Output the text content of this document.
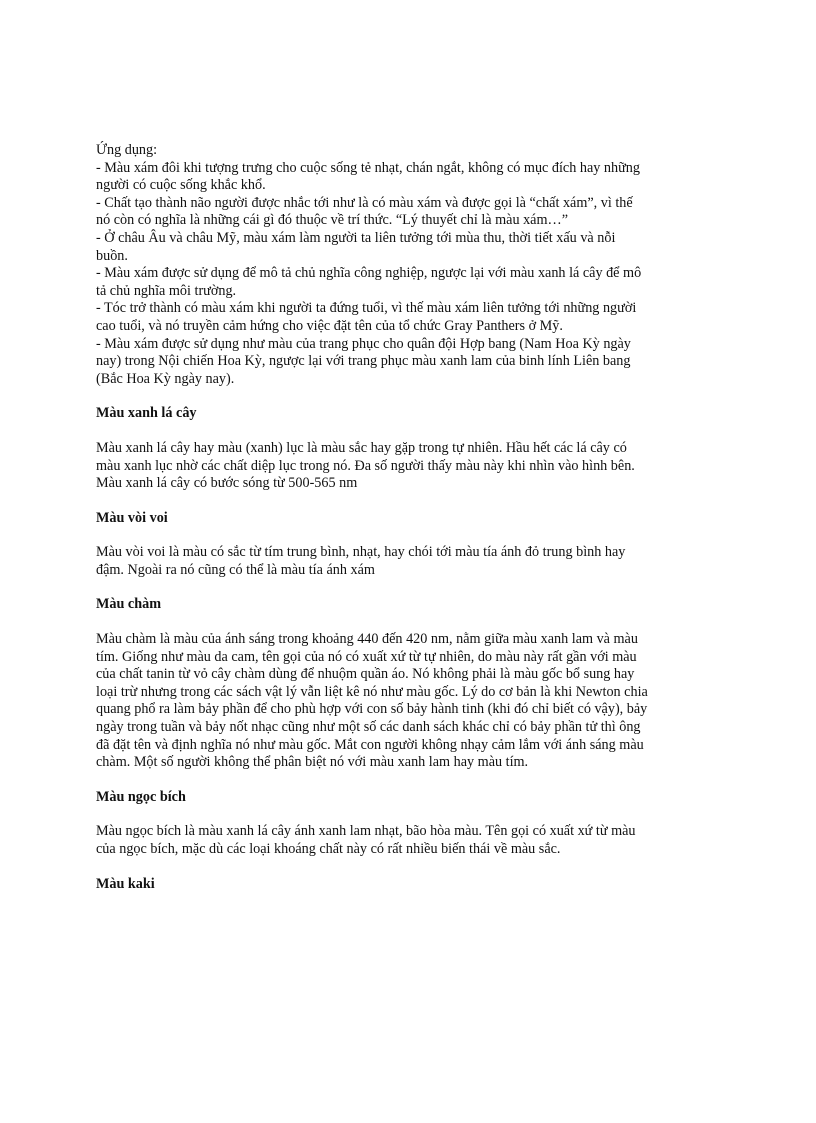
Ứng dụng:

- Màu xám đôi khi tượng trưng cho cuộc sống tẻ nhạt, chán ngắt, không có mục đích hay những

người có cuộc sống khắc khổ.

- Chất tạo thành não người được nhắc tới như là có màu xám và được gọi là “chất xám”, vì thế

nó còn có nghĩa là những cái gì đó thuộc về trí thức. “Lý thuyết chỉ là màu xám…”

- Ở châu Âu và châu Mỹ, màu xám làm người ta liên tưởng tới mùa thu, thời tiết xấu và nỗi

buồn.

- Màu xám được sử dụng để mô tả chủ nghĩa công nghiệp, ngược lại với màu xanh lá cây để mô

tả chủ nghĩa môi trường.

- Tóc trở thành có màu xám khi người ta đứng tuổi, vì thế màu xám liên tưởng tới những người

cao tuổi, và nó truyền cảm hứng cho việc đặt tên của tổ chức Gray Panthers ở Mỹ.

- Màu xám được sử dụng như màu của trang phục cho quân đội Hợp bang (Nam Hoa Kỳ ngày

nay) trong Nội chiến Hoa Kỳ, ngược lại với trang phục màu xanh lam của binh lính Liên bang

(Bắc Hoa Kỳ ngày nay).

Màu xanh lá cây

Màu xanh lá cây hay màu (xanh) lục là màu sắc hay gặp trong tự nhiên. Hầu hết các lá cây có

màu xanh lục nhờ các chất diệp lục trong nó. Đa số người thấy màu này khi nhìn vào hình bên.

Màu xanh lá cây có bước sóng từ 500-565 nm

Màu vòi voi

Màu vòi voi là màu có sắc từ tím trung bình, nhạt, hay chói tới màu tía ánh đỏ trung bình hay

đậm. Ngoài ra nó cũng có thể là màu tía ánh xám

Màu chàm

Màu chàm là màu của ánh sáng trong khoảng 440 đến 420 nm, nằm giữa màu xanh lam và màu

tím. Giống như màu da cam, tên gọi của nó có xuất xứ từ tự nhiên, do màu này rất gần với màu

của chất tanin từ vỏ cây chàm dùng để nhuộm quần áo. Nó không phải là màu gốc bổ sung hay

loại trừ nhưng trong các sách vật lý vẫn liệt kê nó như màu gốc. Lý do cơ bản là khi Newton chia

quang phổ ra làm bảy phần để cho phù hợp với con số bảy hành tinh (khi đó chỉ biết có vậy), bảy

ngày trong tuần và bảy nốt nhạc cũng như một số các danh sách khác chỉ có bảy phần tử thì ông

đã đặt tên và định nghĩa nó như màu gốc. Mắt con người không nhạy cảm lắm với ánh sáng màu

chàm. Một số người không thể phân biệt nó với màu xanh lam hay màu tím.

Màu ngọc bích

Màu ngọc bích là màu xanh lá cây ánh xanh lam nhạt, bão hòa màu. Tên gọi có xuất xứ từ màu

của ngọc bích, mặc dù các loại khoáng chất này có rất nhiều biến thái về màu sắc.

Màu kaki
